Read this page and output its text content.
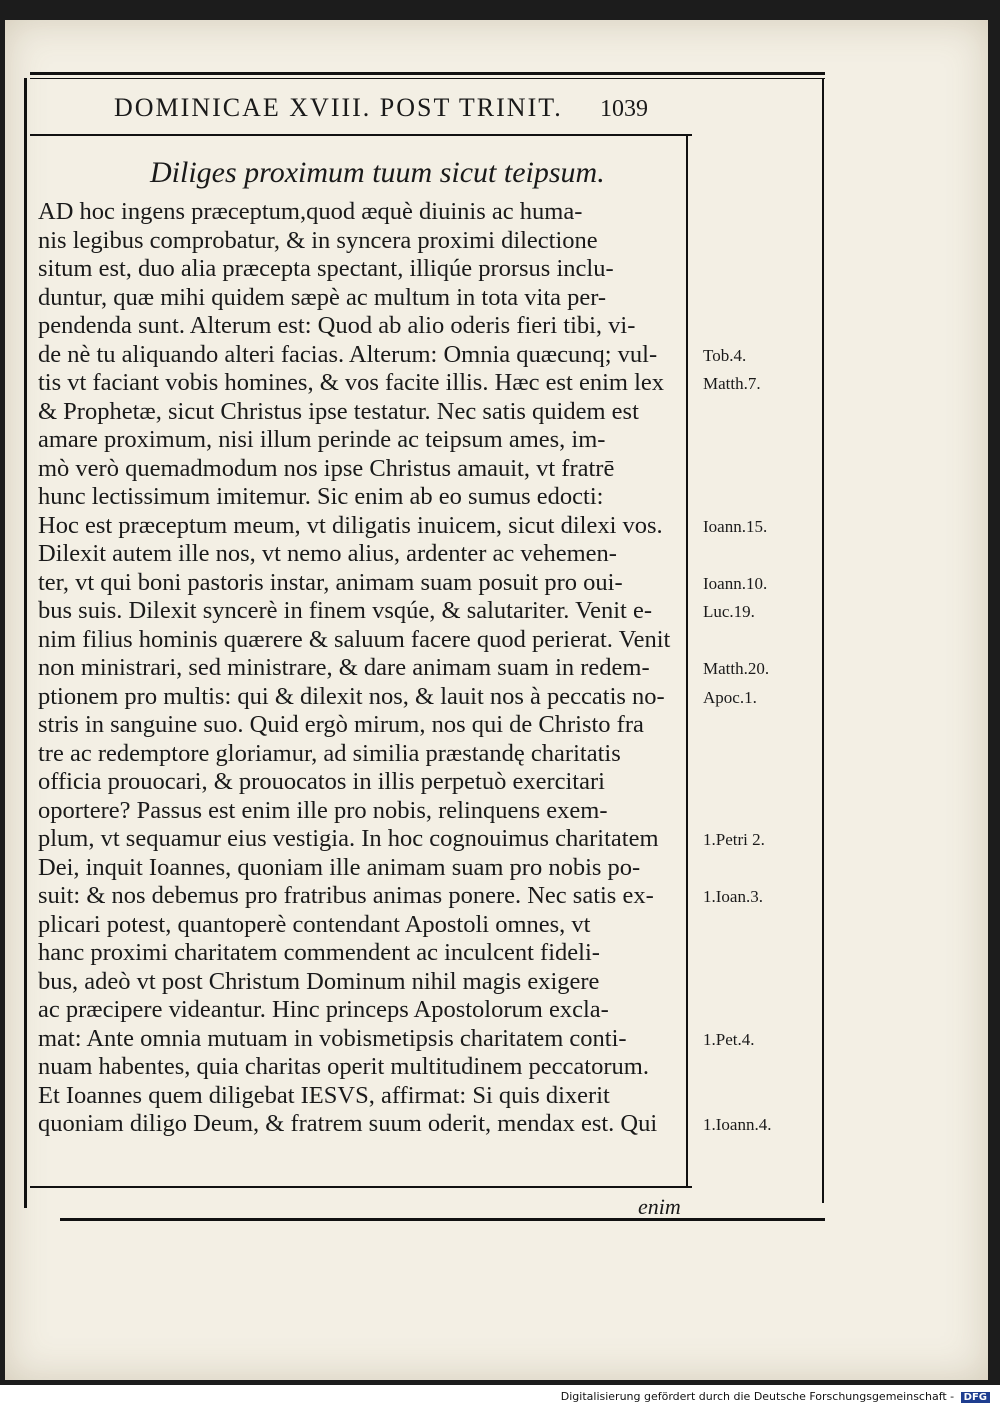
DOMINICAE XVIII. POST TRINIT.	1039
Diliges proximum tuum sicut teipsum.
AD hoc ingens præceptum,quod æquè diuinis ac huma-
nis legibus comprobatur, & in syncera proximi dilectione
situm est, duo alia præcepta spectant, illiqúe prorsus inclu-
duntur, quæ mihi quidem sæpè ac multum in tota vita per-
pendenda sunt. Alterum est: Quod ab alio oderis fieri tibi, vi-
de nè tu aliquando alteri facias. Alterum: Omnia quæcunq; vul-
tis vt faciant vobis homines, & vos facite illis. Hæc est enim lex
& Prophetæ, sicut Christus ipse testatur. Nec satis quidem est
amare proximum, nisi illum perinde ac teipsum ames, im-
mò verò quemadmodum nos ipse Christus amauit, vt fratrē
hunc lectissimum imitemur. Sic enim ab eo sumus edocti:
Hoc est præceptum meum, vt diligatis inuicem, sicut dilexi vos.
Dilexit autem ille nos, vt nemo alius, ardenter ac vehemen-
ter, vt qui boni pastoris instar, animam suam posuit pro oui-
bus suis. Dilexit syncerè in finem vsqúe, & salutariter. Venit e-
nim filius hominis quærere & saluum facere quod perierat. Venit
non ministrari, sed ministrare, & dare animam suam in redem-
ptionem pro multis: qui & dilexit nos, & lauit nos à peccatis no-
stris in sanguine suo. Quid ergò mirum, nos qui de Christo fra
tre ac redemptore gloriamur, ad similia præstandę charitatis
officia prouocari, & prouocatos in illis perpetuò exercitari
oportere? Passus est enim ille pro nobis, relinquens exem-
plum, vt sequamur eius vestigia. In hoc cognouimus charitatem
Dei, inquit Ioannes, quoniam ille animam suam pro nobis po-
suit: & nos debemus pro fratribus animas ponere. Nec satis ex-
plicari potest, quantoperè contendant Apostoli omnes, vt
hanc proximi charitatem commendent ac inculcent fideli-
bus, adeò vt post Christum Dominum nihil magis exigere
ac præcipere videantur. Hinc princeps Apostolorum excla-
mat: Ante omnia mutuam in vobismetipsis charitatem conti-
nuam habentes, quia charitas operit multitudinem peccatorum.
Et Ioannes quem diligebat IESVS, affirmat: Si quis dixerit
quoniam diligo Deum, & fratrem suum oderit, mendax est. Qui
Tob.4.
Matth.7.
Ioann.15.
Ioann.10.
Luc.19.
Matth.20.
Apoc.1.
1.Petri 2.
1.Ioan.3.
1.Pet.4.
1.Ioann.4.
enim
Digitalisierung gefördert durch die Deutsche Forschungsgemeinschaft - DFG
